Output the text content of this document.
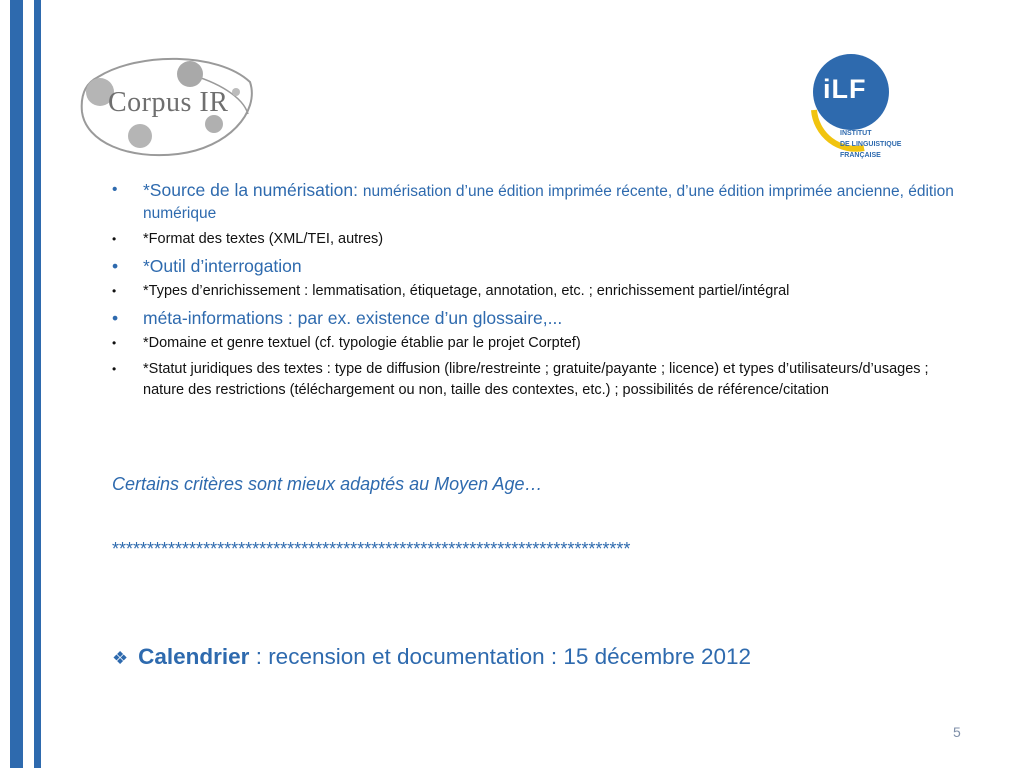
Corpus IR	iLF
INSTITUT
DE LINGUISTIQUE
FRANÇAISE
• *Source de la numérisation: numérisation d’une édition imprimée récente, d’une édition imprimée ancienne, édition numérique
• *Format des textes (XML/TEI, autres)
• *Outil d’interrogation
• *Types d’enrichissement : lemmatisation, étiquetage, annotation, etc. ; enrichissement partiel/intégral
• méta-informations : par ex. existence d’un glossaire,...
• *Domaine et genre textuel (cf. typologie établie par le projet Corptef)
• *Statut juridiques des textes : type de diffusion (libre/restreinte ; gratuite/payante ; licence) et types d’utilisateurs/d’usages ; nature des restrictions (téléchargement ou non, taille des contextes, etc.) ; possibilités de référence/citation
Certains critères sont mieux adaptés au Moyen Age…
**************************************************************************
❖ Calendrier : recension et documentation : 15 décembre 2012
5
